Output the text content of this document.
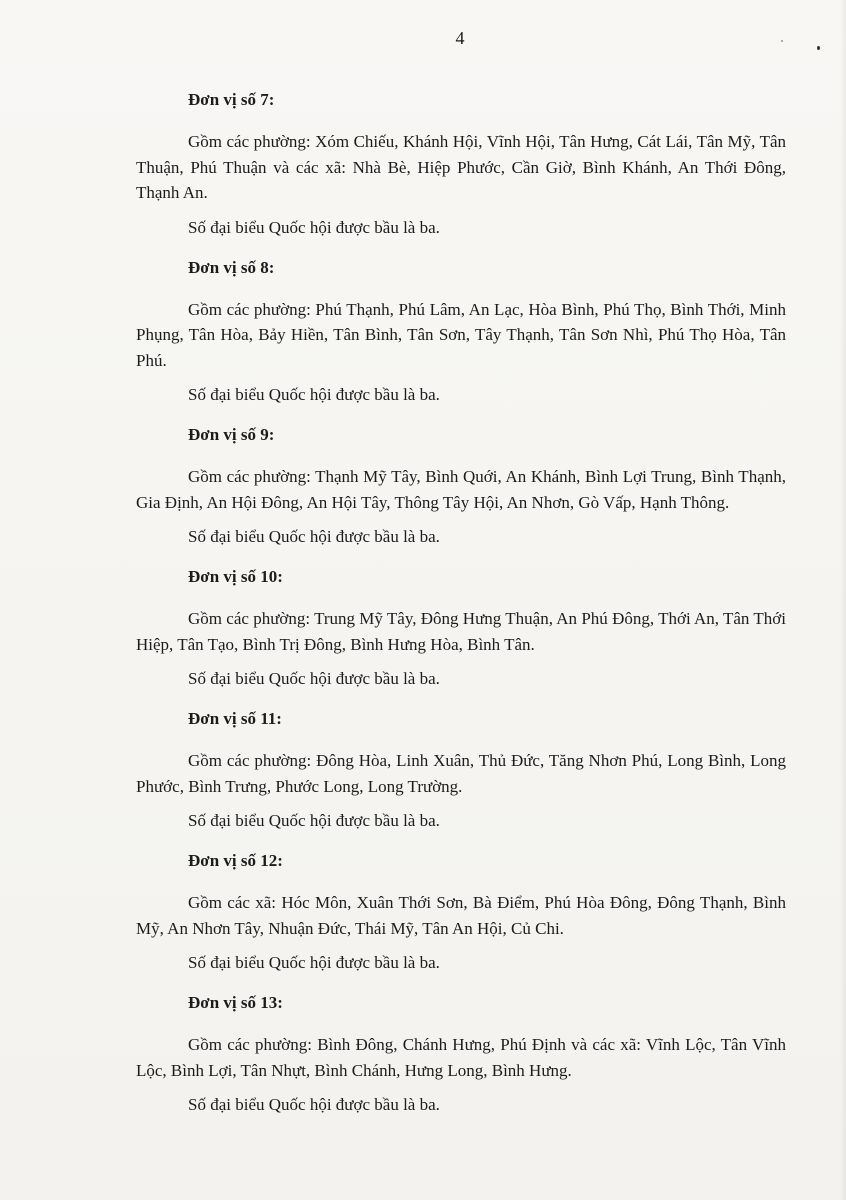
4
Đơn vị số 7:

Gồm các phường: Xóm Chiếu, Khánh Hội, Vĩnh Hội, Tân Hưng, Cát Lái, Tân Mỹ, Tân Thuận, Phú Thuận và các xã: Nhà Bè, Hiệp Phước, Cần Giờ, Bình Khánh, An Thới Đông, Thạnh An.

Số đại biểu Quốc hội được bầu là ba.
Đơn vị số 8:

Gồm các phường: Phú Thạnh, Phú Lâm, An Lạc, Hòa Bình, Phú Thọ, Bình Thới, Minh Phụng, Tân Hòa, Bảy Hiền, Tân Bình, Tân Sơn, Tây Thạnh, Tân Sơn Nhì, Phú Thọ Hòa, Tân Phú.

Số đại biểu Quốc hội được bầu là ba.
Đơn vị số 9:

Gồm các phường: Thạnh Mỹ Tây, Bình Quới, An Khánh, Bình Lợi Trung, Bình Thạnh, Gia Định, An Hội Đông, An Hội Tây, Thông Tây Hội, An Nhơn, Gò Vấp, Hạnh Thông.

Số đại biểu Quốc hội được bầu là ba.
Đơn vị số 10:

Gồm các phường: Trung Mỹ Tây, Đông Hưng Thuận, An Phú Đông, Thới An, Tân Thới Hiệp, Tân Tạo, Bình Trị Đông, Bình Hưng Hòa, Bình Tân.

Số đại biểu Quốc hội được bầu là ba.
Đơn vị số 11:

Gồm các phường: Đông Hòa, Linh Xuân, Thủ Đức, Tăng Nhơn Phú, Long Bình, Long Phước, Bình Trưng, Phước Long, Long Trường.

Số đại biểu Quốc hội được bầu là ba.
Đơn vị số 12:

Gồm các xã: Hóc Môn, Xuân Thới Sơn, Bà Điểm, Phú Hòa Đông, Đông Thạnh, Bình Mỹ, An Nhơn Tây, Nhuận Đức, Thái Mỹ, Tân An Hội, Củ Chi.

Số đại biểu Quốc hội được bầu là ba.
Đơn vị số 13:

Gồm các phường: Bình Đông, Chánh Hưng, Phú Định và các xã: Vĩnh Lộc, Tân Vĩnh Lộc, Bình Lợi, Tân Nhựt, Bình Chánh, Hưng Long, Bình Hưng.

Số đại biểu Quốc hội được bầu là ba.
